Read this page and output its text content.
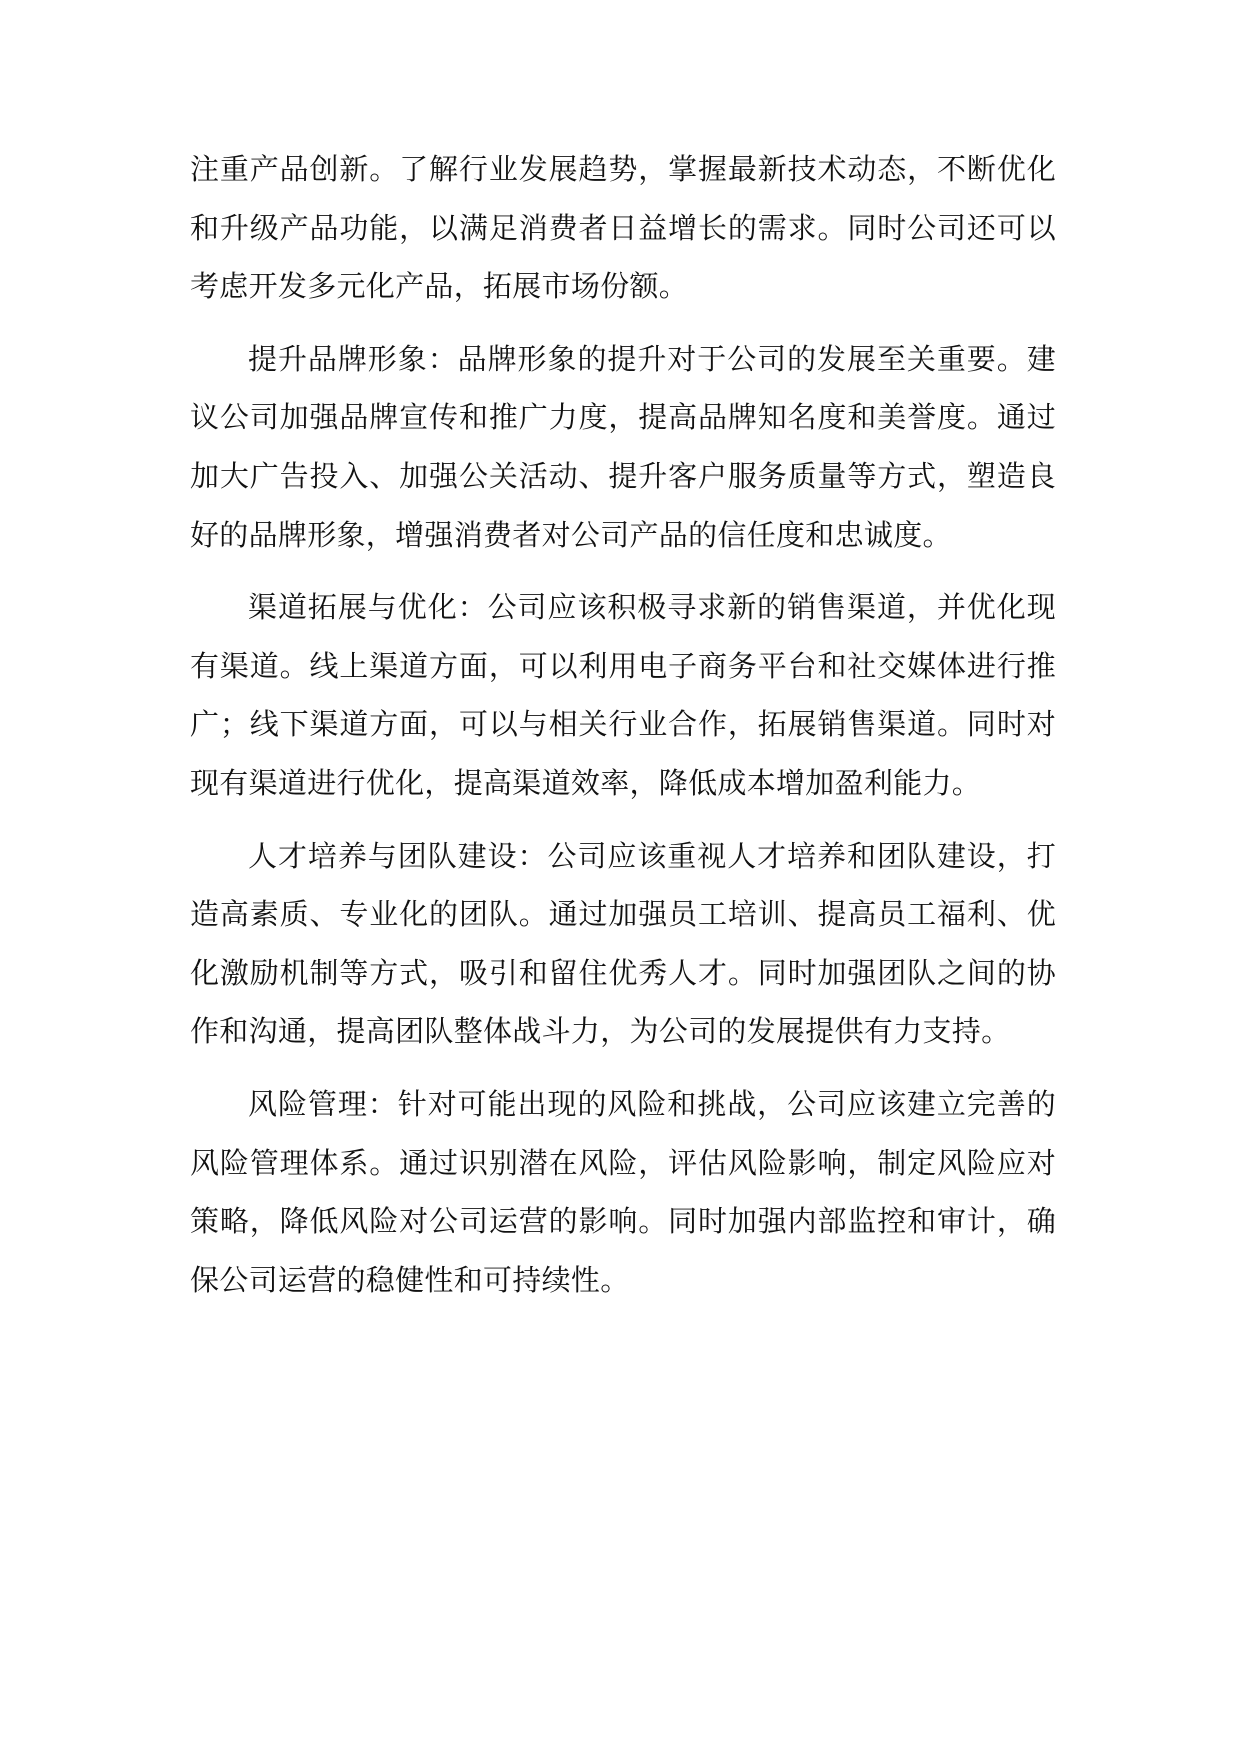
注重产品创新。了解行业发展趋势，掌握最新技术动态，不断优化和升级产品功能，以满足消费者日益增长的需求。同时公司还可以考虑开发多元化产品，拓展市场份额。

提升品牌形象：品牌形象的提升对于公司的发展至关重要。建议公司加强品牌宣传和推广力度，提高品牌知名度和美誉度。通过加大广告投入、加强公关活动、提升客户服务质量等方式，塑造良好的品牌形象，增强消费者对公司产品的信任度和忠诚度。

渠道拓展与优化：公司应该积极寻求新的销售渠道，并优化现有渠道。线上渠道方面，可以利用电子商务平台和社交媒体进行推广；线下渠道方面，可以与相关行业合作，拓展销售渠道。同时对现有渠道进行优化，提高渠道效率，降低成本增加盈利能力。

人才培养与团队建设：公司应该重视人才培养和团队建设，打造高素质、专业化的团队。通过加强员工培训、提高员工福利、优化激励机制等方式，吸引和留住优秀人才。同时加强团队之间的协作和沟通，提高团队整体战斗力，为公司的发展提供有力支持。

风险管理：针对可能出现的风险和挑战，公司应该建立完善的风险管理体系。通过识别潜在风险，评估风险影响，制定风险应对策略，降低风险对公司运营的影响。同时加强内部监控和审计，确保公司运营的稳健性和可持续性。
